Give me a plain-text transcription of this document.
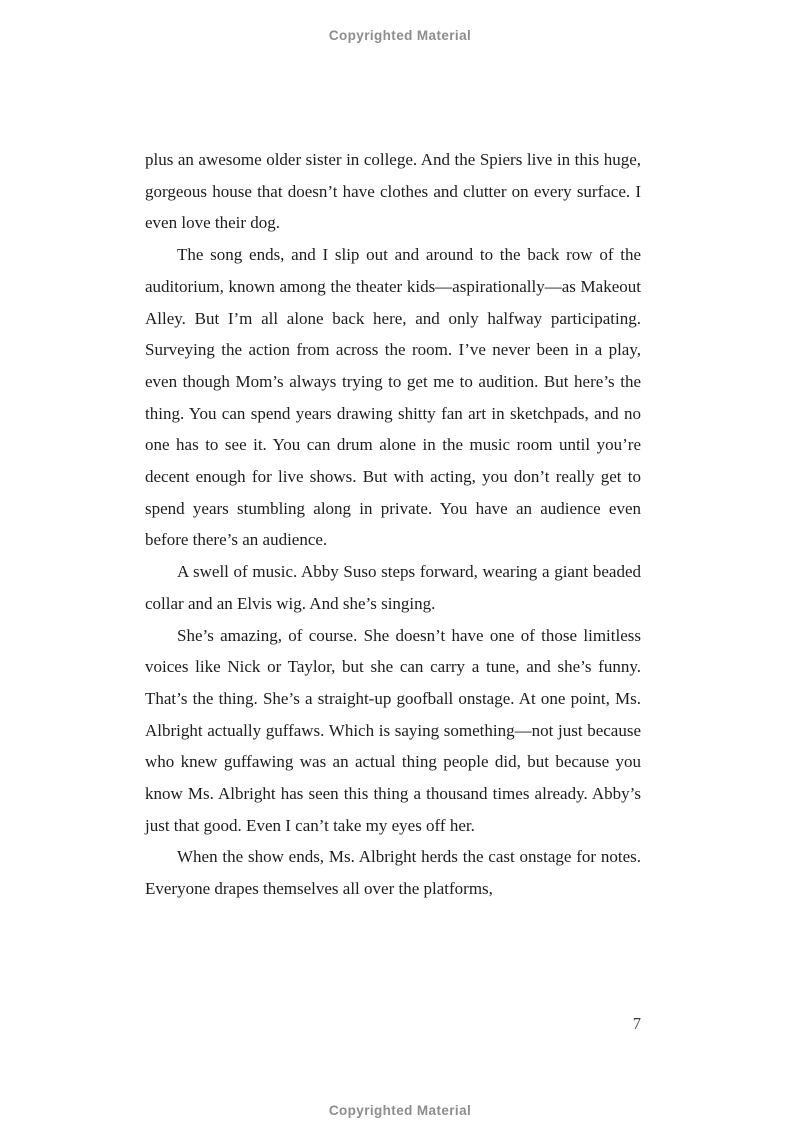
Copyrighted Material

plus an awesome older sister in college. And the Spiers live in this huge, gorgeous house that doesn’t have clothes and clutter on every surface. I even love their dog.

The song ends, and I slip out and around to the back row of the auditorium, known among the theater kids—aspirationally—as Makeout Alley. But I’m all alone back here, and only halfway participating. Surveying the action from across the room. I’ve never been in a play, even though Mom’s always trying to get me to audition. But here’s the thing. You can spend years drawing shitty fan art in sketchpads, and no one has to see it. You can drum alone in the music room until you’re decent enough for live shows. But with acting, you don’t really get to spend years stumbling along in private. You have an audience even before there’s an audience.

A swell of music. Abby Suso steps forward, wearing a giant beaded collar and an Elvis wig. And she’s singing.

She’s amazing, of course. She doesn’t have one of those limitless voices like Nick or Taylor, but she can carry a tune, and she’s funny. That’s the thing. She’s a straight-up goofball onstage. At one point, Ms. Albright actually guffaws. Which is saying something—not just because who knew guffawing was an actual thing people did, but because you know Ms. Albright has seen this thing a thousand times already. Abby’s just that good. Even I can’t take my eyes off her.

When the show ends, Ms. Albright herds the cast onstage for notes. Everyone drapes themselves all over the platforms,

7
Copyrighted Material
